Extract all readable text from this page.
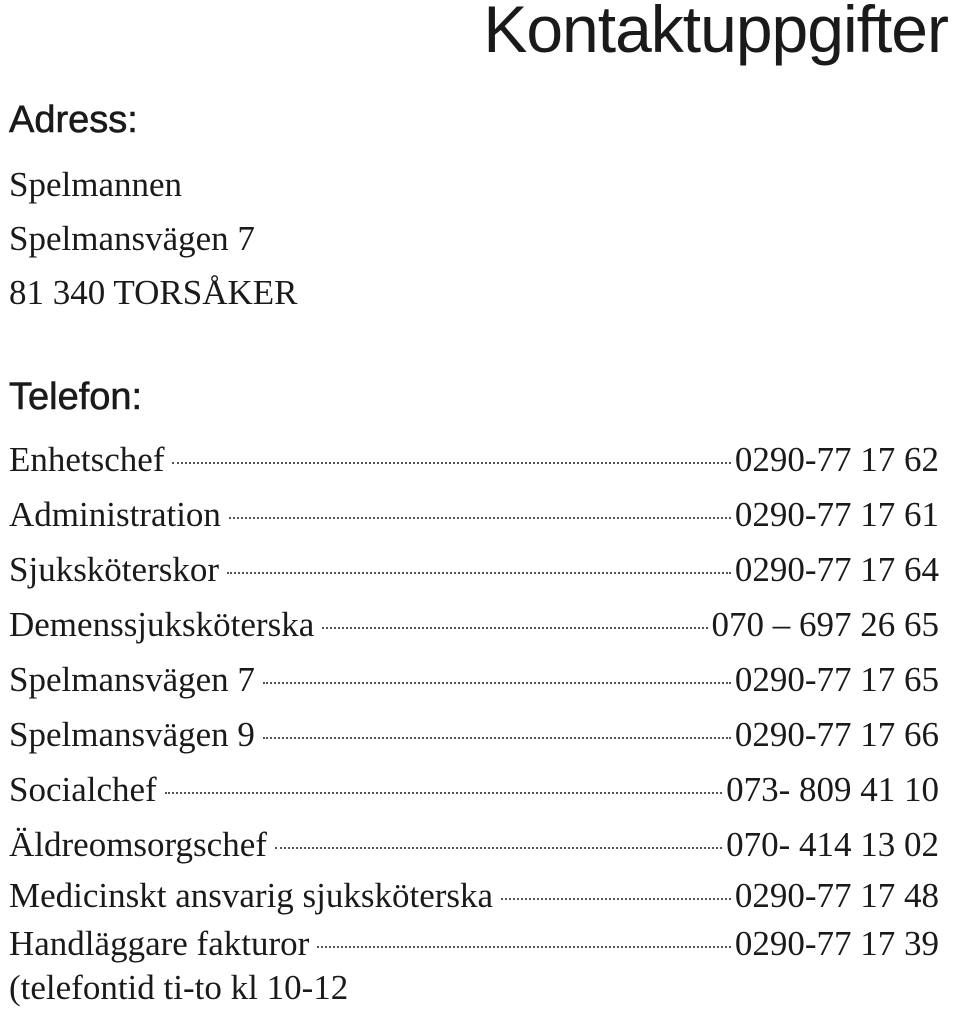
Kontaktuppgifter
Adress:
Spelmannen
Spelmansvägen 7
81 340 TORSÅKER
Telefon:
Enhetschef	0290-77 17 62
Administration	0290-77 17 61
Sjuksköterskor	0290-77 17 64
Demenssjuksköterska	070 – 697 26 65
Spelmansvägen 7	0290-77 17 65
Spelmansvägen 9	0290-77 17 66
Socialchef	073- 809 41 10
Äldreomsorgschef	070- 414 13 02
Medicinskt ansvarig sjuksköterska	0290-77 17 48
Handläggare fakturor	0290-77 17 39

(telefontid ti-to kl 10-12
